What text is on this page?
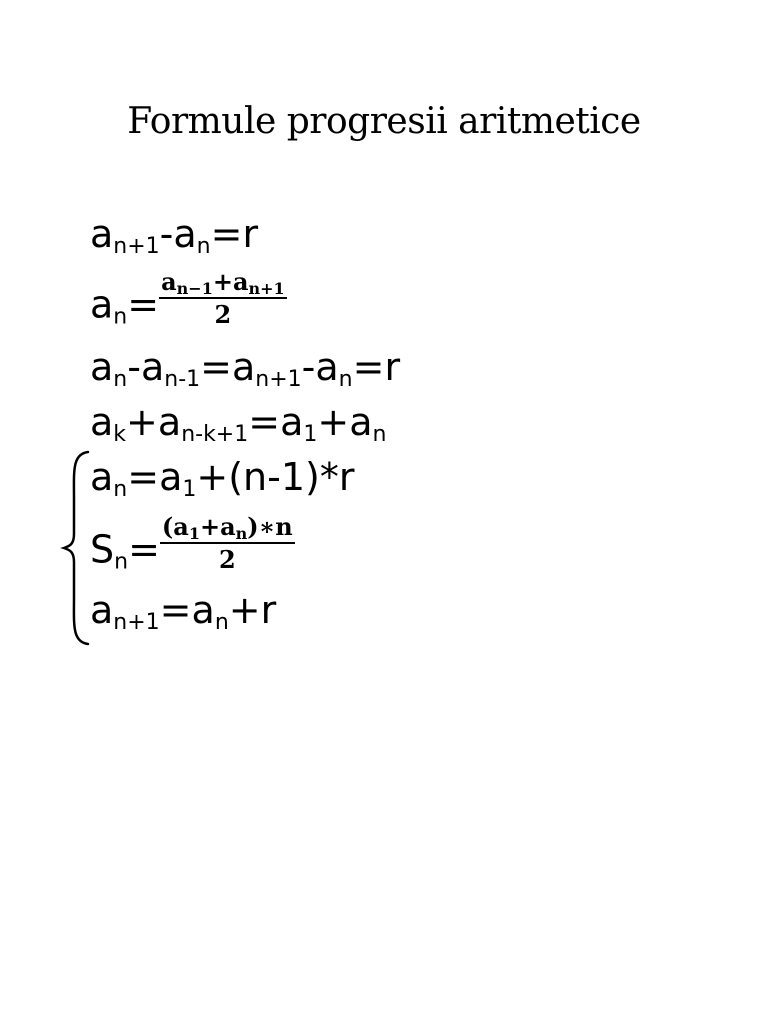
Formule progresii aritmetice
$a_{n+1}-a_n=r$
$a_n= \frac{a_{n-1}+a_{n+1}}{2}$
$a_n-a_{n-1}=a_{n+1}-a_n=r$
$a_k+a_{n-k+1}=a_1+a_n$
$a_n=a_1+(n-1)*r$
$S_n= \frac{(a_1+a_n)∗n}{2}$
$a_{n+1}=a_n+r$
